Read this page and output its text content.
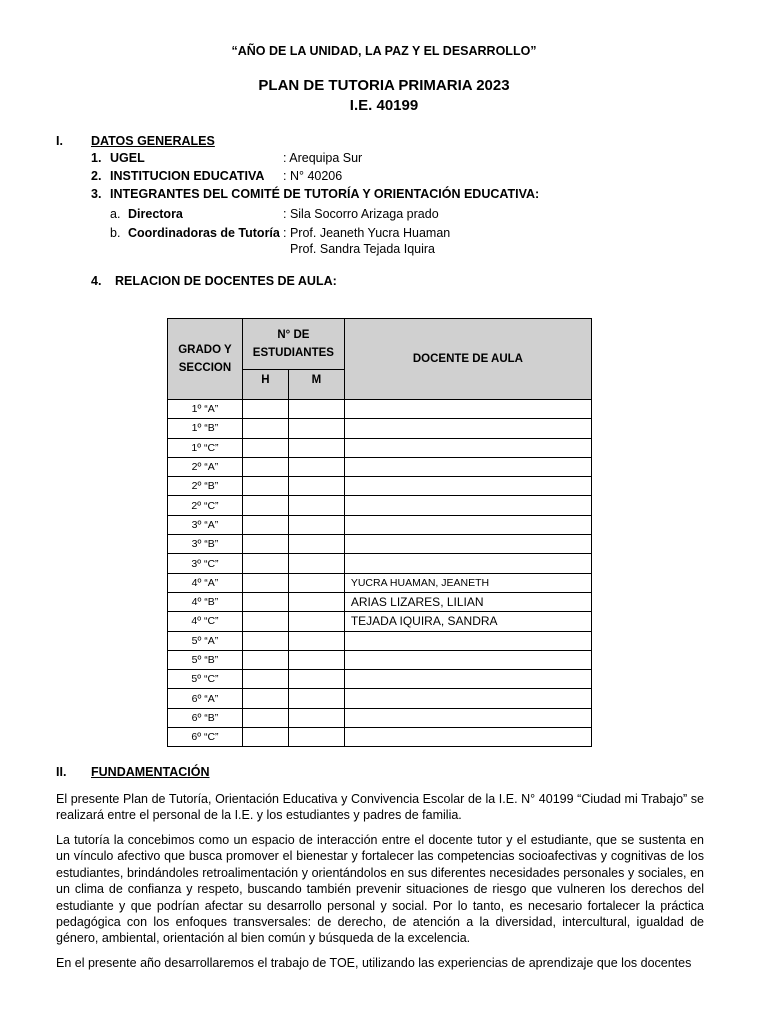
“AÑO DE LA UNIDAD, LA PAZ Y EL DESARROLLO”
PLAN DE TUTORIA PRIMARIA 2023
I.E. 40199
I. DATOS GENERALES
1. UGEL	: Arequipa Sur
2. INSTITUCION EDUCATIVA : N° 40206
3. INTEGRANTES DEL COMITÉ DE TUTORÍA Y ORIENTACIÓN EDUCATIVA:
a. Directora	: Sila Socorro Arizaga prado
b. Coordinadoras de Tutoría : Prof. Jeaneth Yucra Huaman
Prof. Sandra Tejada Iquira
4. RELACION DE DOCENTES DE AULA:
GRADO Y SECCION	N° DE ESTUDIANTES		DOCENTE DE AULA
	H	M	
1º “A”			
1º “B”			
1º “C”			
2º “A”			
2º “B”			
2º “C”			
3º “A”			
3º “B”			
3º “C”			
4º “A”			YUCRA HUAMAN, JEANETH
4º “B”			ARIAS LIZARES, LILIAN
4º “C”			TEJADA IQUIRA, SANDRA
5º “A”			
5º “B”			
5º “C”			
6º “A”			
6º “B”			
6º “C”			
II. FUNDAMENTACIÓN

El presente Plan de Tutoría, Orientación Educativa y Convivencia Escolar de la I.E. N° 40199 “Ciudad mi Trabajo” se realizará entre el personal de la I.E. y los estudiantes y padres de familia.

La tutoría la concebimos como un espacio de interacción entre el docente tutor y el estudiante, que se sustenta en un vínculo afectivo que busca promover el bienestar y fortalecer las competencias socioafectivas y cognitivas de los estudiantes, brindándoles retroalimentación y orientándolos en sus diferentes necesidades personales y sociales, en un clima de confianza y respeto, buscando también prevenir situaciones de riesgo que vulneren los derechos del estudiante y que podrían afectar su desarrollo personal y social. Por lo tanto, es necesario fortalecer la práctica pedagógica con los enfoques transversales: de derecho, de atención a la diversidad, intercultural, igualdad de género, ambiental, orientación al bien común y búsqueda de la excelencia.

En el presente año desarrollaremos el trabajo de TOE, utilizando las experiencias de aprendizaje que los docentes
